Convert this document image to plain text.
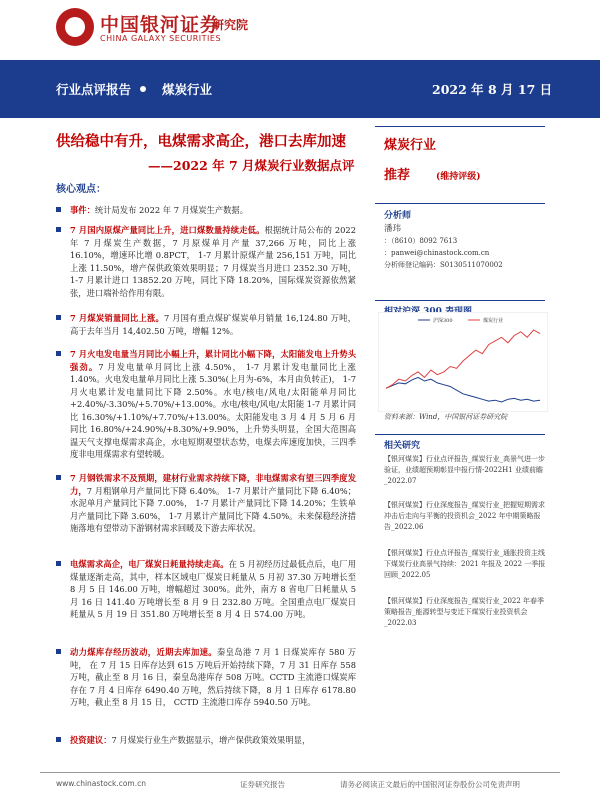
中国银河证券
CHINA GALAXY SECURITIES
研究院
行业点评报告 煤炭行业	2022 年 8 月 17 日
供给稳中有升，电煤需求高企，港口去库加速
——2022 年 7 月煤炭行业数据点评
核心观点：
事件：统计局发布 2022 年 7 月煤炭生产数据。
7 月国内原煤产量同比上升，进口煤数量持续走低。根据统计局公布的 2022 年 7 月煤炭生产数据，7 月原煤单月产量 37,266 万吨，同比上涨 16.10%，增速环比增 0.8PCT， 1-7 月累计原煤产量 256,151 万吨，同比上涨 11.50%，增产保供政策效果明显；7 月煤炭当月进口 2352.30 万吨， 1-7 月累计进口 13852.20 万吨，同比下降 18.20%，国际煤炭资源依然紧张，进口端补给作用有限。
7 月煤炭销量同比上涨。7 月国有重点煤矿煤炭单月销量 16,124.80 万吨，高于去年当月 14,402.50 万吨，增幅 12%。
7 月火电发电量当月同比小幅上升，累计同比小幅下降，太阳能发电上升势头强劲。7 月发电量单月同比上涨 4.50%， 1-7 月累计发电量同比上涨 1.40%。火电发电量单月同比上涨 5.30%(上月为-6%，本月由负转正)， 1-7 月火电累计发电量同比下降 2.50%。水电/核电/风电/太阳能单月同比+2.40%/-3.30%/+5.70%/+13.00%。水电/核电/风电/太阳能 1-7 月累计同比 16.30%/+1.10%/+7.70%/+13.00%。太阳能发电 3 月 4 月 5 月 6 月同比 16.80%/+24.90%/+8.30%/+9.90%，上升势头明显，全国大范围高温天气支撑电煤需求高企，水电短期观望状态势，电煤去库速度加快，三四季度非电用煤需求有望转暖。
7 月钢铁需求不及预期，建材行业需求持续下降，非电煤需求有望三四季度发力，7 月粗钢单月产量同比下降 6.40%。 1-7 月累计产量同比下降 6.40%；水泥单月产量同比下降 7.00%， 1-7 月累计产量同比下降 14.20%；生铁单月产量同比下降 3.60%， 1-7 月累计产量同比下降 4.50%。未来保稳经济措施落地有望带动下游钢材需求回暖及下游去库状况。
电煤需求高企，电厂煤炭日耗量持续走高。在 5 月初经历过最低点后，电厂用煤量逐渐走高，其中，样本区域电厂煤炭日耗量从 5 月初 37.30 万吨增长至 8 月 5 日 146.00 万吨，增幅超过 300%。此外，南方 8 省电厂日耗量从 5 月 16 日 141.40 万吨增长至 8 月 9 日 232.80 万吨。全国重点电厂煤炭日耗量从 5 月 19 日 351.80 万吨增长至 8 月 4 日 574.00 万吨。
动力煤库存经历波动，近期去库加速。秦皇岛港 7 月 1 日煤炭库存 580 万吨， 在 7 月 15 日库存达到 615 万吨后开始持续下降，7 月 31 日库存 558 万吨，截止至 8 月 16 日，秦皇岛港库存 508 万吨。CCTD 主流港口煤炭库存在 7 月 4 日库存 6490.40 万吨，然后持续下降，8 月 1 日库存 6178.80 万吨，截止至 8 月 15 日， CCTD 主流港口库存 5940.50 万吨。
投资建议：7 月煤炭行业生产数据显示，增产保供政策效果明显，
煤炭行业
推荐	(维持评级)
分析师
潘玮
：（8610）8092 7613
：panwei@chinastock.com.cn
分析师登记编码：S0130511070002
沪深300	煤炭行业
资料来源：Wind，中国银河证券研究院
相关研究
【银河煤炭】行业点评报告_煤炭行业_高景气进一步验证，业绩超预期彰显中报行情-2022H1 业绩前瞻_2022.07
【银河煤炭】行业深度报告_煤炭行业_把握短期需求冲击后走向与平衡的投资机会_2022 年中期策略报告_2022.06
【银河煤炭】行业点评报告_煤炭行业_通胀投资主线下煤炭行业高景气持续：2021 年报及 2022 一季报回顾_2022.05
【银河煤炭】行业深度报告_煤炭行业_2022 年春季策略报告_能源转型与变迁下煤炭行业投资机会_2022.03
www.chinastock.com.cn	证券研究报告	请务必阅读正文最后的中国银河证券股份公司免责声明
